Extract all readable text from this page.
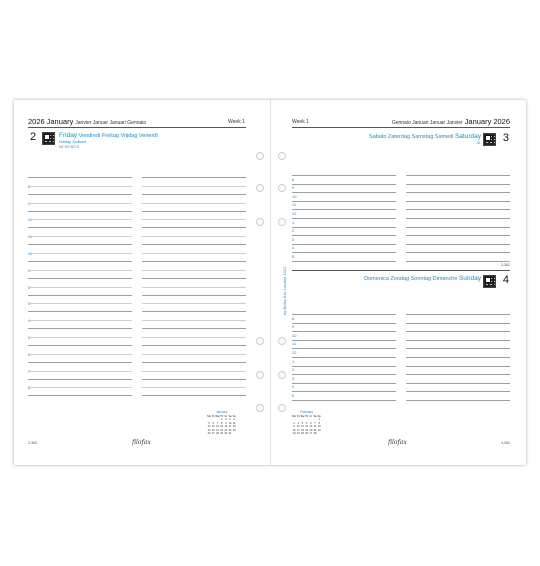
2026 January Janvier Januar Januari Gennaio	Week 1
2	Friday Vendredi Freitag Vrijdag Venerdì
Holiday, Scotland
NZ HG BG S
January
Mo	Tu	We	Th	Fr	Sa	Su
			1	2	3	4
5	6	7	8	9	10	11
12	13	14	15	16	17	18
19	20	21	22	23	24	25
26	27	28	29	30	31	
2-363	filofax
Week 1	Gennaio Januari Januar Janvier January 2026
Sabato Zaterdag Samstag Samedi Saturday
NL 3
8
9
10
11
12
1
2
3
4
5
3-362
Domenica Zondag Sonntag Dimanche Sunday 4
8
9
10
11
12
1
2
3
4
5
February
Mo	Tu	We	Th	Fr	Sa	Su
						1
2	3	4	5	6	7	8
9	10	11	12	13	14	15
16	17	18	19	20	21	22
23	24	25	26	27	28	
filofax	4-361
by filofax Est. London 1921
